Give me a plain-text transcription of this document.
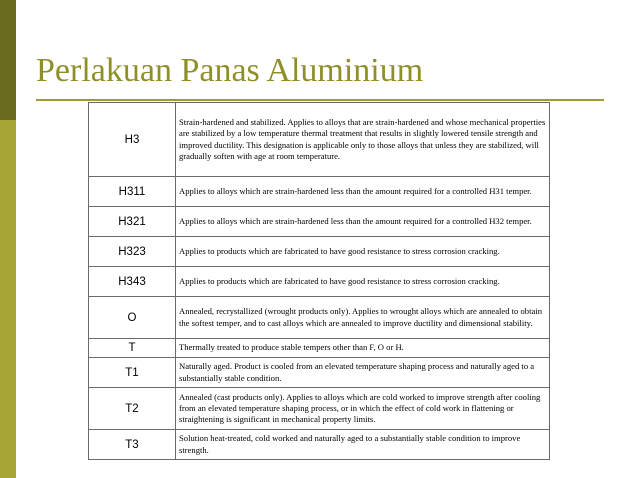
Perlakuan Panas Aluminium
H3	Strain-hardened and stabilized. Applies to alloys that are strain-hardened and whose mechanical properties are stabilized by a low temperature thermal treatment that results in slightly lowered tensile strength and improved ductility. This designation is applicable only to those alloys that unless they are stabilized, will gradually soften with age at room temperature.
H311	Applies to alloys which are strain-hardened less than the amount required for a controlled H31 temper.
H321	Applies to alloys which are strain-hardened less than the amount required for a controlled H32 temper.
H323	Applies to products which are fabricated to have good resistance to stress corrosion cracking.
H343	Applies to products which are fabricated to have good resistance to stress corrosion cracking.
O	Annealed, recrystallized (wrought products only). Applies to wrought alloys which are annealed to obtain the softest temper, and to cast alloys which are annealed to improve ductility and dimensional stability.
T	Thermally treated to produce stable tempers other than F, O or H.
T1	Naturally aged. Product is cooled from an elevated temperature shaping process and naturally aged to a substantially stable condition.
T2	Annealed (cast products only). Applies to alloys which are cold worked to improve strength after cooling from an elevated temperature shaping process, or in which the effect of cold work in flattening or straightening is significant in mechanical property limits.
T3	Solution heat-treated, cold worked and naturally aged to a substantially stable condition to improve strength.
